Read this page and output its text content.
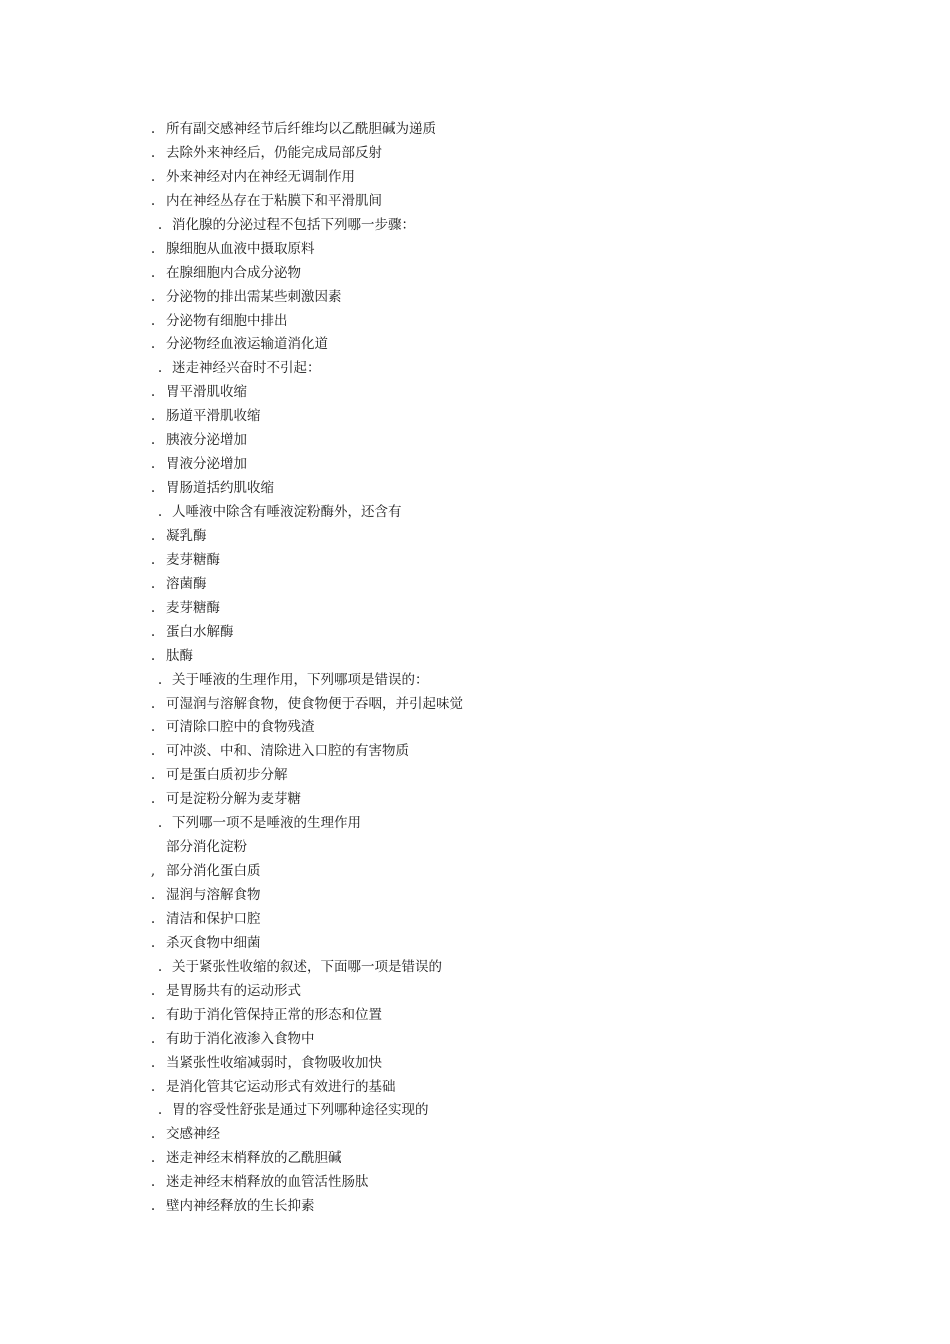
. 所有副交感神经节后纤维均以乙酰胆碱为递质
. 去除外来神经后，仍能完成局部反射
. 外来神经对内在神经无调制作用
. 内在神经丛存在于粘膜下和平滑肌间
. 消化腺的分泌过程不包括下列哪一步骤：
. 腺细胞从血液中摄取原料
. 在腺细胞内合成分泌物
. 分泌物的排出需某些刺激因素
. 分泌物有细胞中排出
. 分泌物经血液运输道消化道
. 迷走神经兴奋时不引起：
. 胃平滑肌收缩
. 肠道平滑肌收缩
. 胰液分泌增加
. 胃液分泌增加
. 胃肠道括约肌收缩
. 人唾液中除含有唾液淀粉酶外，还含有
. 凝乳酶
. 麦芽糖酶
. 溶菌酶
. 麦芽糖酶
. 蛋白水解酶
. 肽酶
. 关于唾液的生理作用，下列哪项是错误的：
. 可湿润与溶解食物，使食物便于吞咽，并引起味觉
. 可清除口腔中的食物残渣
. 可冲淡、中和、清除进入口腔的有害物质
. 可是蛋白质初步分解
. 可是淀粉分解为麦芽糖
. 下列哪一项不是唾液的生理作用
部分消化淀粉
, 部分消化蛋白质
. 湿润与溶解食物
. 清洁和保护口腔
. 杀灭食物中细菌
. 关于紧张性收缩的叙述，下面哪一项是错误的
. 是胃肠共有的运动形式
. 有助于消化管保持正常的形态和位置
. 有助于消化液渗入食物中
. 当紧张性收缩减弱时，食物吸收加快
. 是消化管其它运动形式有效进行的基础
. 胃的容受性舒张是通过下列哪种途径实现的
. 交感神经
. 迷走神经末梢释放的乙酰胆碱
. 迷走神经末梢释放的血管活性肠肽
. 壁内神经释放的生长抑素
